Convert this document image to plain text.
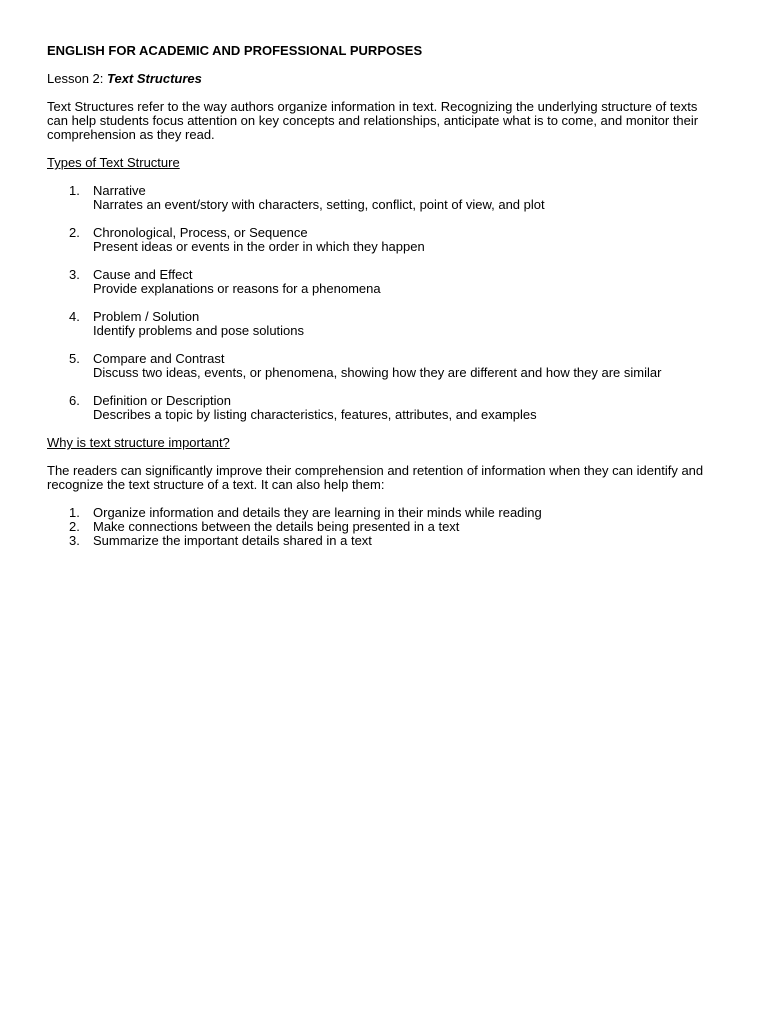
ENGLISH FOR ACADEMIC AND PROFESSIONAL PURPOSES
Lesson 2: Text Structures

Text Structures refer to the way authors organize information in text. Recognizing the underlying structure of texts can help students focus attention on key concepts and relationships, anticipate what is to come, and monitor their comprehension as they read.

Types of Text Structure
1. Narrative
Narrates an event/story with characters, setting, conflict, point of view, and plot
2. Chronological, Process, or Sequence
Present ideas or events in the order in which they happen
3. Cause and Effect
Provide explanations or reasons for a phenomena
4. Problem / Solution
Identify problems and pose solutions
5. Compare and Contrast
Discuss two ideas, events, or phenomena, showing how they are different and how they are similar
6. Definition or Description
Describes a topic by listing characteristics, features, attributes, and examples
Why is text structure important?

The readers can significantly improve their comprehension and retention of information when they can identify and recognize the text structure of a text. It can also help them:

1. Organize information and details they are learning in their minds while reading
2. Make connections between the details being presented in a text
3. Summarize the important details shared in a text
